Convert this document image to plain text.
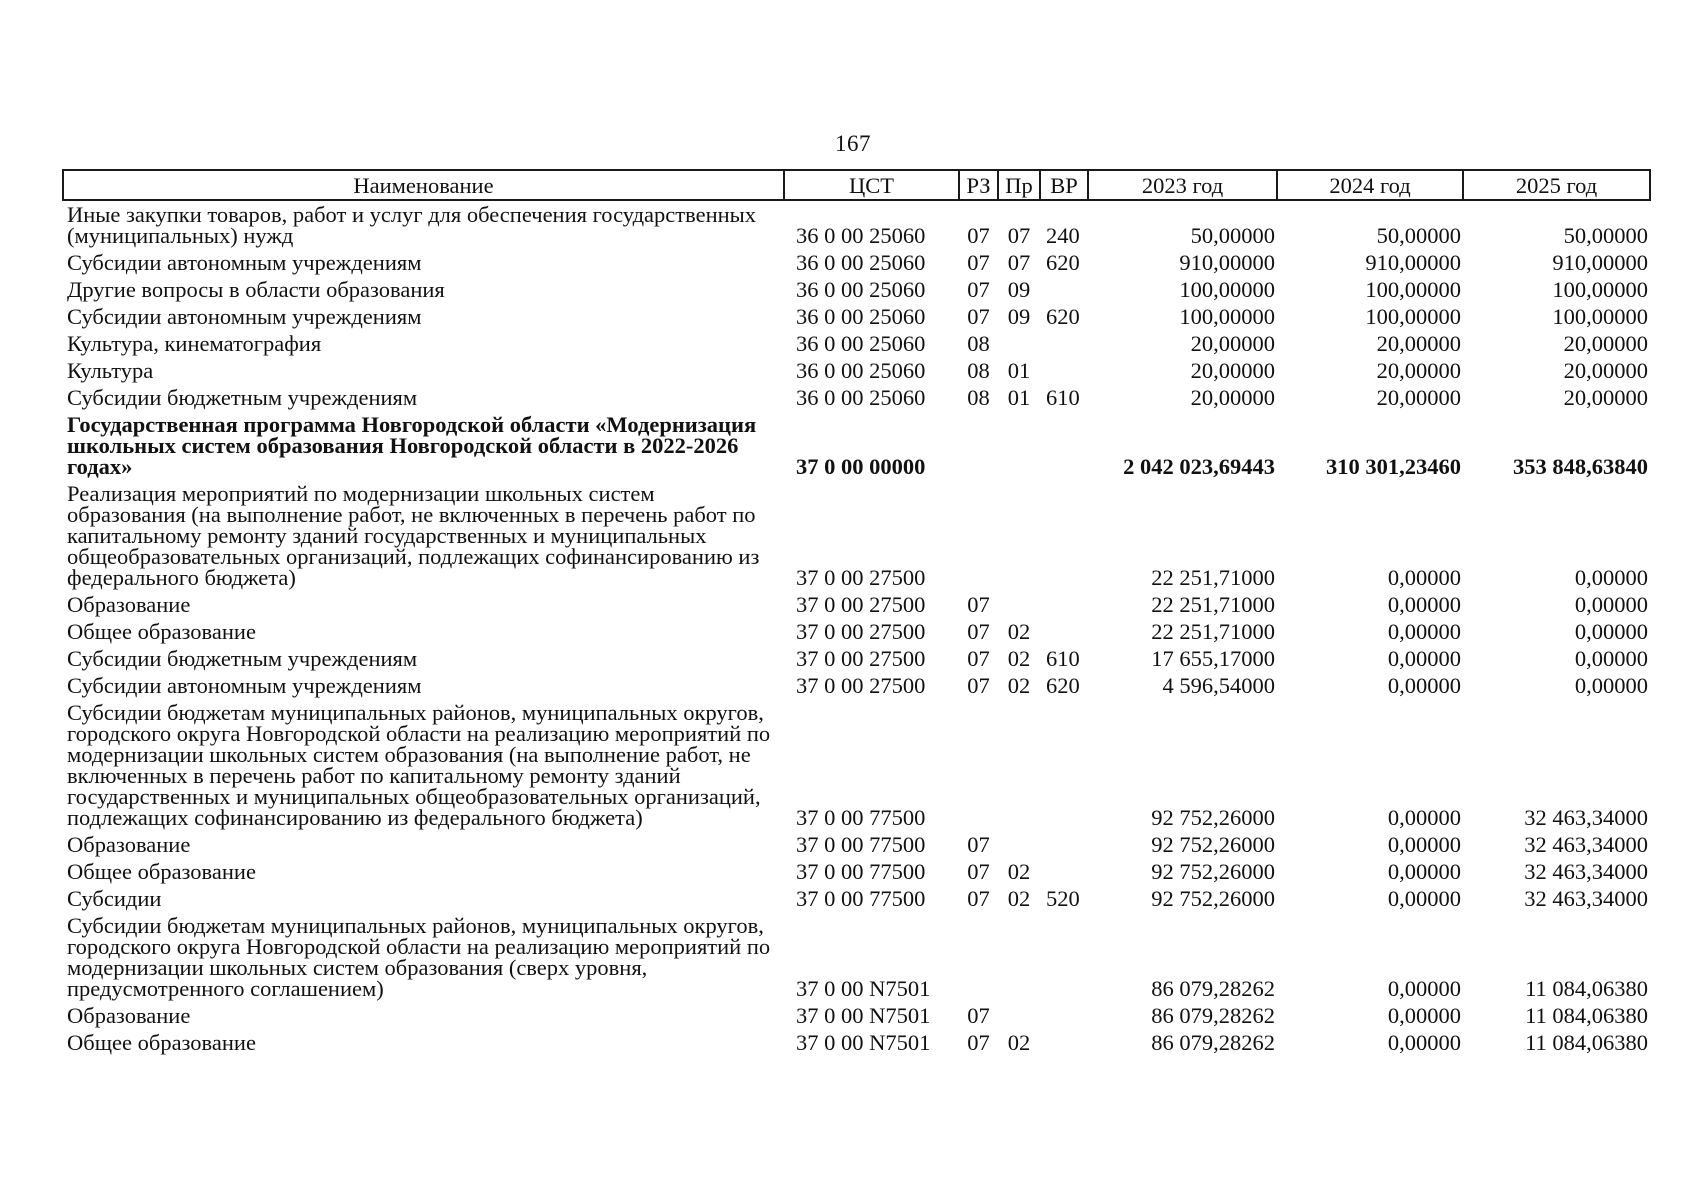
167
Наименование	ЦСТ	РЗ	Пр	ВР	2023 год	2024 год	2025 год
Иные закупки товаров, работ и услуг для обеспечения государственных (муниципальных) нужд	36 0 00 25060	07	07	240	50,00000	50,00000	50,00000
Субсидии автономным учреждениям	36 0 00 25060	07	07	620	910,00000	910,00000	910,00000
Другие вопросы в области образования	36 0 00 25060	07	09		100,00000	100,00000	100,00000
Субсидии автономным учреждениям	36 0 00 25060	07	09	620	100,00000	100,00000	100,00000
Культура, кинематография	36 0 00 25060	08			20,00000	20,00000	20,00000
Культура	36 0 00 25060	08	01		20,00000	20,00000	20,00000
Субсидии бюджетным учреждениям	36 0 00 25060	08	01	610	20,00000	20,00000	20,00000
Государственная программа Новгородской области «Модернизация школьных систем образования Новгородской области в 2022-2026 годах»	37 0 00 00000				2 042 023,69443	310 301,23460	353 848,63840
Реализация мероприятий по модернизации школьных систем образования (на выполнение работ, не включенных в перечень работ по капитальному ремонту зданий государственных и муниципальных общеобразовательных организаций, подлежащих софинансированию из федерального бюджета)	37 0 00 27500				22 251,71000	0,00000	0,00000
Образование	37 0 00 27500	07			22 251,71000	0,00000	0,00000
Общее образование	37 0 00 27500	07	02		22 251,71000	0,00000	0,00000
Субсидии бюджетным учреждениям	37 0 00 27500	07	02	610	17 655,17000	0,00000	0,00000
Субсидии автономным учреждениям	37 0 00 27500	07	02	620	4 596,54000	0,00000	0,00000
Субсидии бюджетам муниципальных районов, муниципальных округов, городского округа Новгородской области на реализацию мероприятий по модернизации школьных систем образования (на выполнение работ, не включенных в перечень работ по капитальному ремонту зданий государственных и муниципальных общеобразовательных организаций, подлежащих софинансированию из федерального бюджета)	37 0 00 77500				92 752,26000	0,00000	32 463,34000
Образование	37 0 00 77500	07			92 752,26000	0,00000	32 463,34000
Общее образование	37 0 00 77500	07	02		92 752,26000	0,00000	32 463,34000
Субсидии	37 0 00 77500	07	02	520	92 752,26000	0,00000	32 463,34000
Субсидии бюджетам муниципальных районов, муниципальных округов, городского округа Новгородской области на реализацию мероприятий по модернизации школьных систем образования (сверх уровня, предусмотренного соглашением)	37 0 00 N7501				86 079,28262	0,00000	11 084,06380
Образование	37 0 00 N7501	07			86 079,28262	0,00000	11 084,06380
Общее образование	37 0 00 N7501	07	02		86 079,28262	0,00000	11 084,06380
